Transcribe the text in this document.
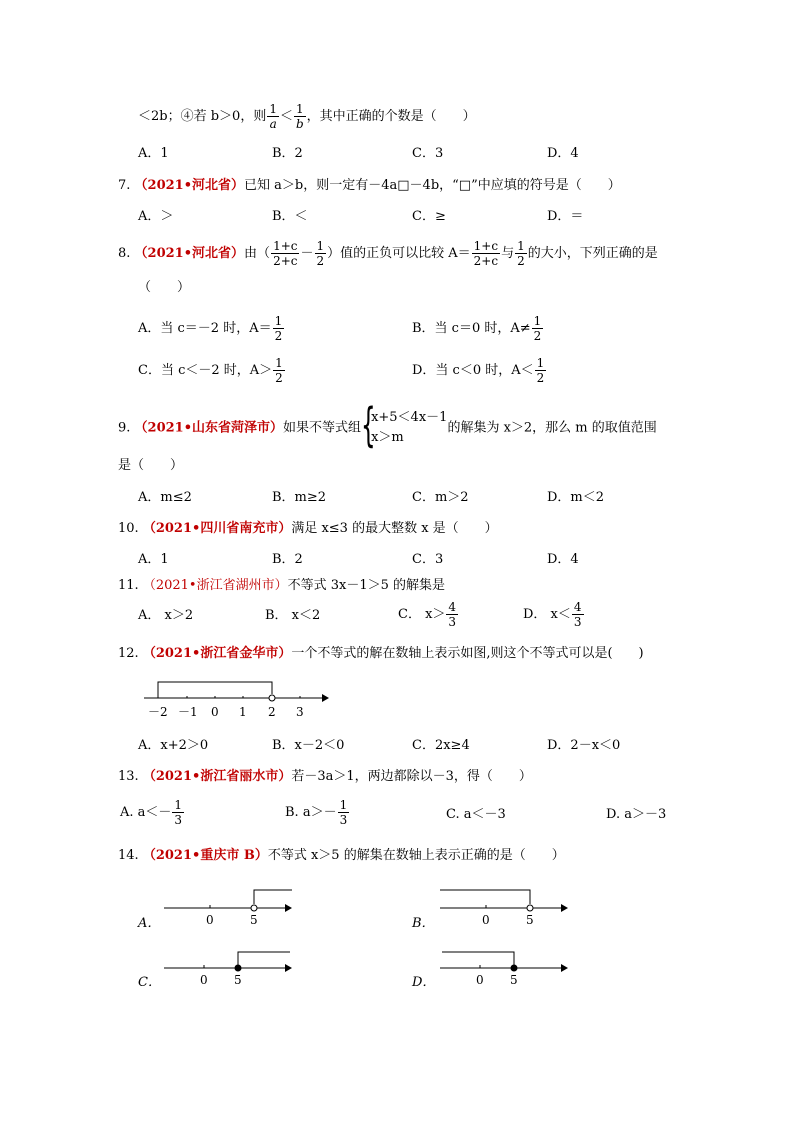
＜2b；④若 b＞0，则 $\frac{1}{a} < \frac{1}{b}$ ，其中正确的个数是（　　）
A．1	B．2	C．3	D．4
7. （2021•河北省）已知 a＞b，则一定有－4a□－4b，“□”中应填的符号是（　　）
A．＞	B．＜	C．≥	D．＝
8. （2021•河北省）由（ $\frac{1+c}{2+c} - \frac{1}{2}$ ）值的正负可以比较 $A= \frac{1+c}{2+c}$ 与 $\frac{1}{2}$ 的大小，下列正确的是
（　　）
A．当 c＝－2 时，$A= \frac{1}{2}$	B．当 c＝0 时，$A\ne \frac{1}{2}$
C．当 c＜－2 时，$A> \frac{1}{2}$	D．当 c＜0 时，$A< \frac{1}{2}$
9. （2021•山东省菏泽市）如果不等式组 {
x+5＜4x－1
x＞m
的解集为 x＞2，那么 m 的取值范围
是（　　）
A．m≤2	B．m≥2	C．m＞2	D．m＜2
10. （2021•四川省南充市）满足 x≤3 的最大整数 x 是（　　）
A．1	B．2	C．3	D．4
11. （2021•浙江省湖州市）不等式 3x－1＞5 的解集是
A． x＞2	B． x＜2	C． $x> \frac{4}{3}$	D． $x< \frac{4}{3}$
12. （2021•浙江省金华市）一个不等式的解在数轴上表示如图,则这个不等式可以是(　　)
－2 －1 0 1 2 3
A．x+2＞0	B．x－2＜0	C．2x≥4	D．2－x＜0
13. （2021•浙江省丽水市）若－3a＞1，两边都除以－3，得（　　）
A. $a<- \frac{1}{3}$	B. $a>- \frac{1}{3}$	C. a＜－3	D. a＞－3
14. （2021•重庆市 B）不等式 x＞5 的解集在数轴上表示正确的是（　　）
A．	0	5	B．	0	5
C．	0 5	D．	0 5
